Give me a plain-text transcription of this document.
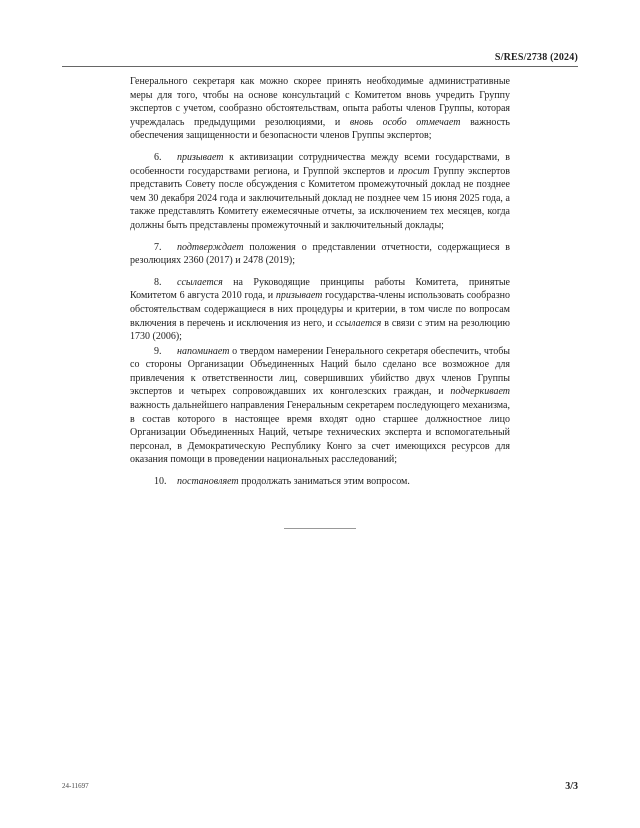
S/RES/2738 (2024)

Генерального секретаря как можно скорее принять необходимые административные меры для того, чтобы на основе консультаций с Комитетом вновь учредить Группу экспертов с учетом, сообразно обстоятельствам, опыта работы членов Группы, которая учреждалась предыдущими резолюциями, и вновь особо отмечает важность обеспечения защищенности и безопасности членов Группы экспертов;

6. призывает к активизации сотрудничества между всеми государствами, в особенности государствами региона, и Группой экспертов и просит Группу экспертов представить Совету после обсуждения с Комитетом промежуточный доклад не позднее чем 30 декабря 2024 года и заключительный доклад не позднее чем 15 июня 2025 года, а также представлять Комитету ежемесячные отчеты, за исключением тех месяцев, когда должны быть представлены промежуточный и заключительный доклады;

7. подтверждает положения о представлении отчетности, содержащиеся в резолюциях 2360 (2017) и 2478 (2019);

8. ссылается на Руководящие принципы работы Комитета, принятые Комитетом 6 августа 2010 года, и призывает государства-члены использовать сообразно обстоятельствам содержащиеся в них процедуры и критерии, в том числе по вопросам включения в перечень и исключения из него, и ссылается в связи с этим на резолюцию 1730 (2006);

9. напоминает о твердом намерении Генерального секретаря обеспечить, чтобы со стороны Организации Объединенных Наций было сделано все возможное для привлечения к ответственности лиц, совершивших убийство двух членов Группы экспертов и четырех сопровождавших их конголезских граждан, и подчеркивает важность дальнейшего направления Генеральным секретарем последующего механизма, в состав которого в настоящее время входят одно старшее должностное лицо Организации Объединенных Наций, четыре технических эксперта и вспомогательный персонал, в Демократическую Республику Конго за счет имеющихся ресурсов для оказания помощи в проведении национальных расследований;

10. постановляет продолжать заниматься этим вопросом.

24-11697	3/3
